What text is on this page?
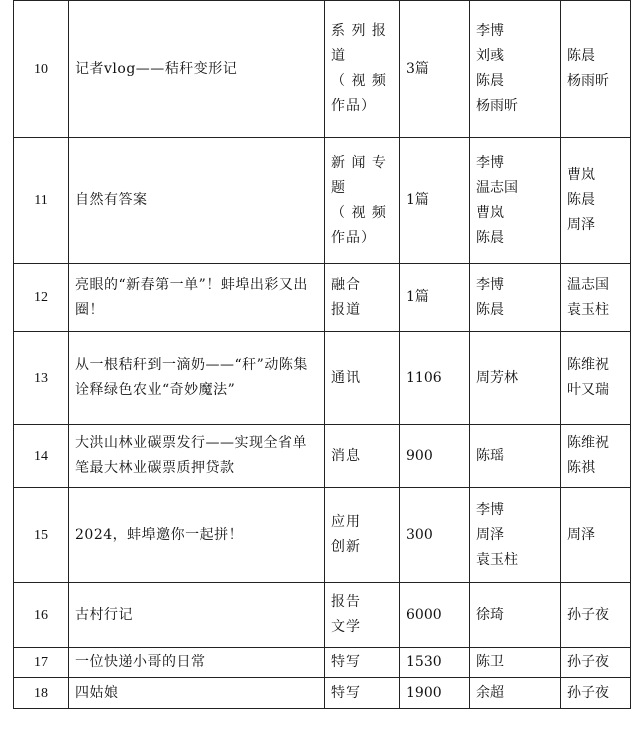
10	记者vlog——秸秆变形记	系 列 报
道
（ 视 频
作品）	3篇	李博
刘彧
陈晨
杨雨昕	陈晨
杨雨昕

11	自然有答案	新 闻 专
题
（ 视 频
作品）	1篇	李博
温志国
曹岚
陈晨	曹岚
陈晨
周泽

12	亮眼的“新春第一单”！蚌埠出彩又出圈！	融合
报道	1篇	李博
陈晨	温志国
袁玉柱

13	从一根秸秆到一滴奶——“秆”动陈集　诠释绿色农业“奇妙魔法”	通讯	1106	周芳林	陈维祝
叶又瑞

14	大洪山林业碳票发行——实现全省单笔最大林业碳票质押贷款	消息	900	陈瑶	陈维祝
陈祺

15	2024，蚌埠邀你一起拼！	应用
创新	300	李博
周泽
袁玉柱	周泽

16	古村行记	报告
文学	6000	徐琦	孙子夜

17	一位快递小哥的日常	特写	1530	陈卫	孙子夜

18	四姑娘	特写	1900	余超	孙子夜
